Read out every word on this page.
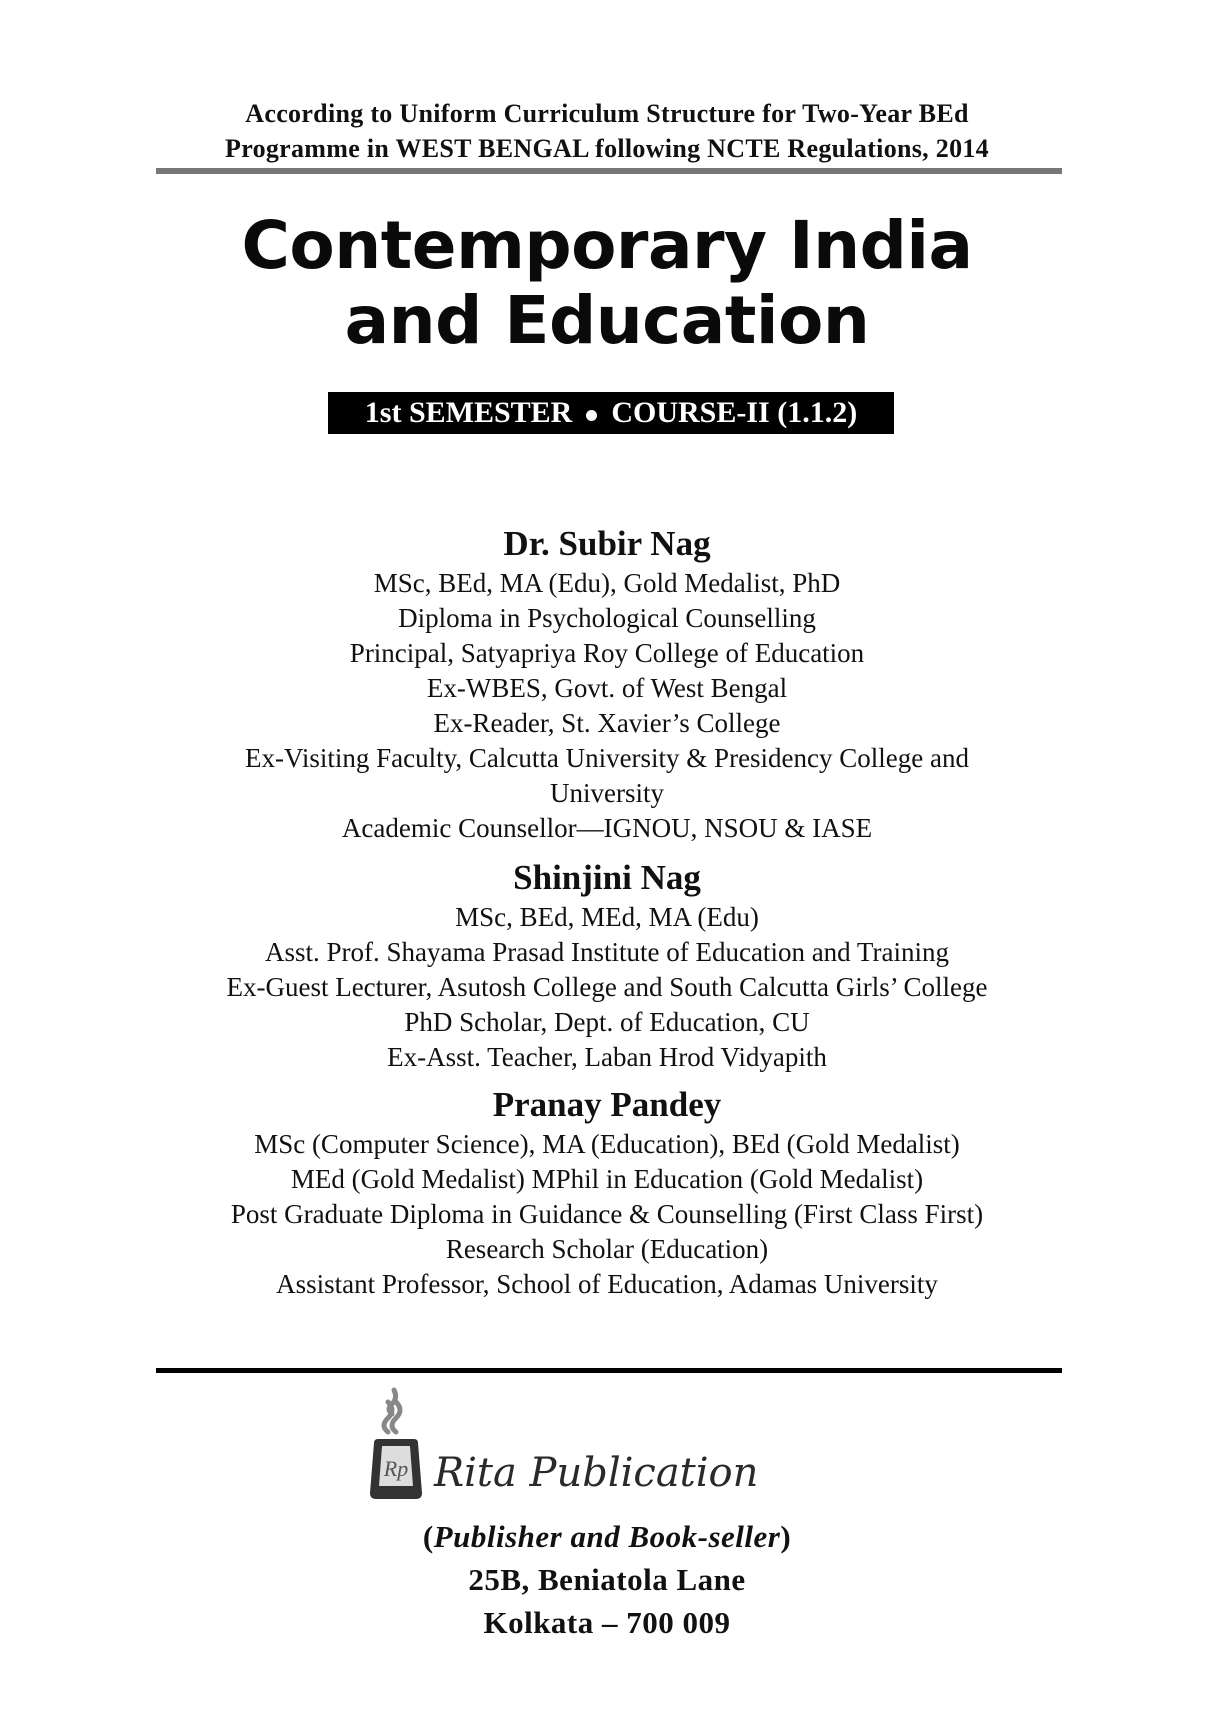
According to Uniform Curriculum Structure for Two-Year BEd
Programme in WEST BENGAL following NCTE Regulations, 2014
Contemporary India
and Education
1st SEMESTER COURSE-II (1.1.2)
Dr. Subir Nag
MSc, BEd, MA (Edu), Gold Medalist, PhD
Diploma in Psychological Counselling
Principal, Satyapriya Roy College of Education
Ex-WBES, Govt. of West Bengal
Ex-Reader, St. Xavier’s College
Ex-Visiting Faculty, Calcutta University & Presidency College and
University
Academic Counsellor—IGNOU, NSOU & IASE
Shinjini Nag
MSc, BEd, MEd, MA (Edu)
Asst. Prof. Shayama Prasad Institute of Education and Training
Ex-Guest Lecturer, Asutosh College and South Calcutta Girls’ College
PhD Scholar, Dept. of Education, CU
Ex-Asst. Teacher, Laban Hrod Vidyapith
Pranay Pandey
MSc (Computer Science), MA (Education), BEd (Gold Medalist)
MEd (Gold Medalist) MPhil in Education (Gold Medalist)
Post Graduate Diploma in Guidance & Counselling (First Class First)
Research Scholar (Education)
Assistant Professor, School of Education, Adamas University
Rp Rita Publication
(Publisher and Book-seller)
25B, Beniatola Lane
Kolkata – 700 009
